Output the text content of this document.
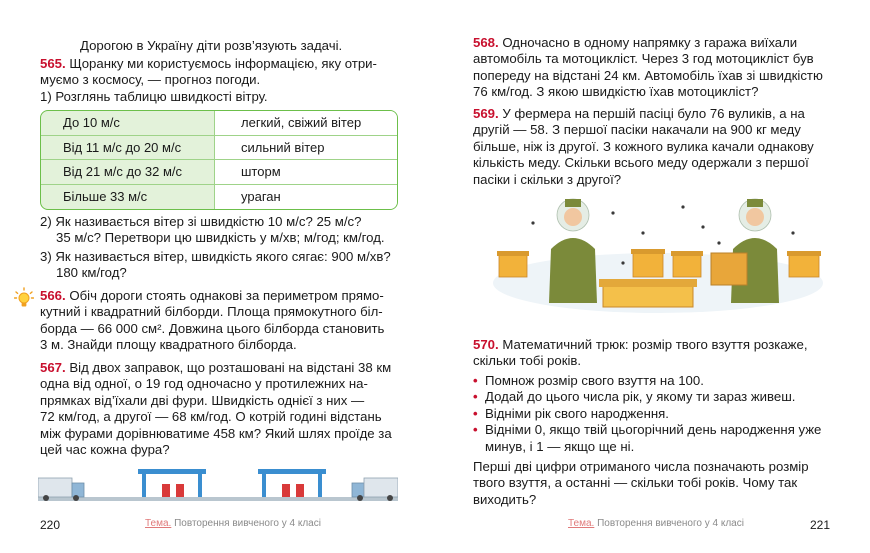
Дорогою в Україну діти розв’язують задачі.
565. Щоранку ми користуємось інформацією, яку отри-
муємо з космосу, — прогноз погоди.
1) Розглянь таблицю швидкості вітру.
До 10 м/с	легкий, свіжий вітер
Від 11 м/с до 20 м/с	сильний вітер
Від 21 м/с до 32 м/с	шторм
Більше 33 м/с	ураган
2) Як називається вітер зі швидкістю 10 м/с? 25 м/с?
35 м/с? Перетвори цю швидкість у м/хв; м/год; км/год.
3) Як називається вітер, швидкість якого сягає: 900 м/хв?
180 км/год?
566. Обіч дороги стоять однакові за периметром прямо-
кутний і квадратний білборди. Площа прямокутного біл-
борда — 66 000 см². Довжина цього білборда становить
3 м. Знайди площу квадратного білборда.
567. Від двох заправок, що розташовані на відстані 38 км
одна від одної, о 19 год одночасно у протилежних на-
прямках від’їхали дві фури. Швидкість однієї з них —
72 км/год, а другої — 68 км/год. О котрій годині відстань
між фурами дорівнюватиме 458 км? Який шлях проїде за
цей час кожна фура?
220	Тема. Повторення вивченого у 4 класі
568. Одночасно в одному напрямку з гаража виїхали
автомобіль та мотоцикліст. Через 3 год мотоцикліст був
попереду на відстані 24 км. Автомобіль їхав зі швидкістю
76 км/год. З якою швидкістю їхав мотоцикліст?
569. У фермера на першій пасіці було 76 вуликів, а на
другій — 58. З першої пасіки накачали на 900 кг меду
більше, ніж із другої. З кожного вулика качали однакову
кількість меду. Скільки всього меду одержали з першої
пасіки і скільки з другої?
570. Математичний трюк: розмір твого взуття розкаже,
скільки тобі років.
• Помнож розмір свого взуття на 100.
• Додай до цього числа рік, у якому ти зараз живеш.
• Відніми рік свого народження.
• Відніми 0, якщо твій цьогорічний день народження уже минув, і 1 — якщо ще ні.
Перші дві цифри отриманого числа позначають розмір
твого взуття, а останні — скільки тобі років. Чому так
виходить?
Тема. Повторення вивченого у 4 класі	221
